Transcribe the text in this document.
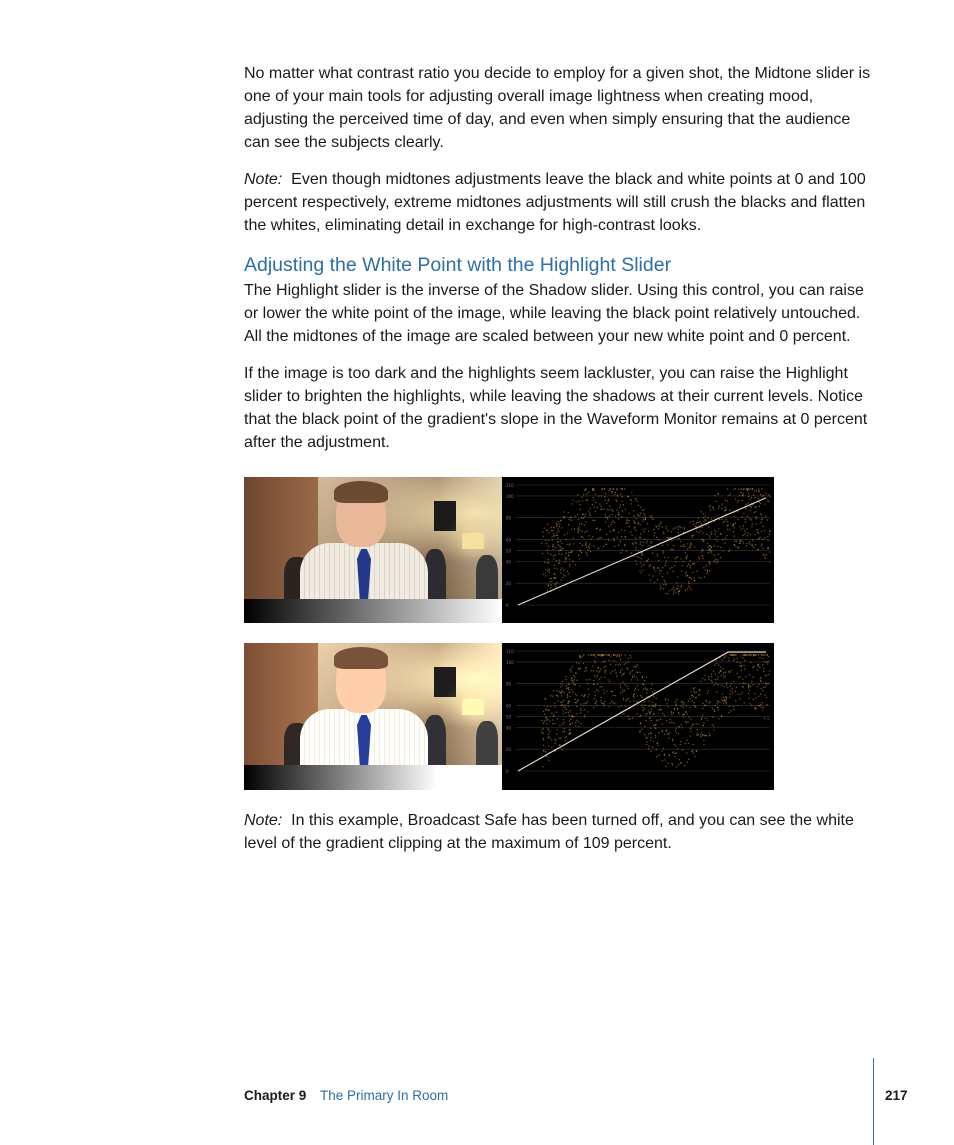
No matter what contrast ratio you decide to employ for a given shot, the Midtone slider is one of your main tools for adjusting overall image lightness when creating mood, adjusting the perceived time of day, and even when simply ensuring that the audience can see the subjects clearly.

Note: Even though midtones adjustments leave the black and white points at 0 and 100 percent respectively, extreme midtones adjustments will still crush the blacks and flatten the whites, eliminating detail in exchange for high-contrast looks.

Adjusting the White Point with the Highlight Slider

The Highlight slider is the inverse of the Shadow slider. Using this control, you can raise or lower the white point of the image, while leaving the black point relatively untouched. All the midtones of the image are scaled between your new white point and 0 percent.

If the image is too dark and the highlights seem lackluster, you can raise the Highlight slider to brighten the highlights, while leaving the shadows at their current levels. Notice that the black point of the gradient's slope in the Waveform Monitor remains at 0 percent after the adjustment.

110
100
80
60
50
40
20
0
110
100
80
60
50
40
20
0

Note: In this example, Broadcast Safe has been turned off, and you can see the white level of the gradient clipping at the maximum of 109 percent.

Chapter 9 The Primary In Room	217
